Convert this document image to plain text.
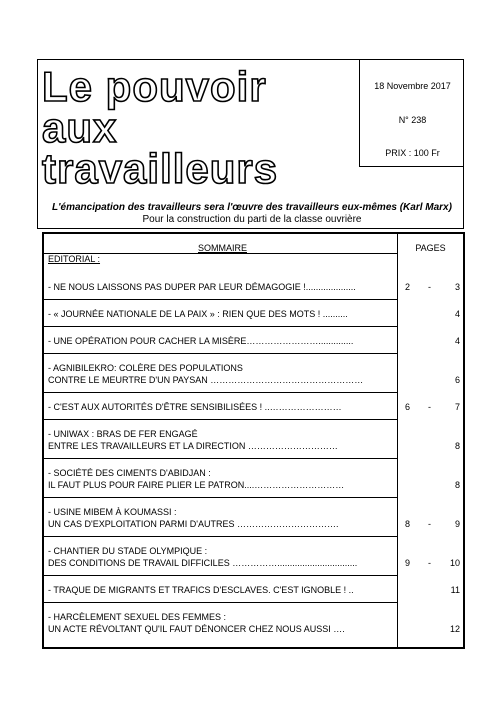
Le pouvoir
aux
travailleurs
18 Novembre 2017
N° 238
PRIX : 100 Fr
L'émancipation des travailleurs sera l'œuvre des travailleurs eux-mêmes (Karl Marx)
Pour la construction du parti de la classe ouvrière
SOMMAIRE	PAGES
EDITORIAL :
- NE NOUS LAISSONS PAS DUPER PAR LEUR DÉMAGOGIE !....................	2 -	3
- « JOURNÉE NATIONALE DE LA PAIX » : RIEN QUE DES MOTS ! ..........	4
- UNE OPÉRATION POUR CACHER LA MISÈRE……………………..............	4
- AGNIBILEKRO: COLÈRE DES POPULATIONS
CONTRE LE MEURTRE D'UN PAYSAN ……………………………………………	6
- C'EST AUX AUTORITÉS D'ÊTRE SENSIBILISÉES ! ..……………………	6 -	7
- UNIWAX : BRAS DE FER ENGAGÉ
ENTRE LES TRAVAILLEURS ET LA DIRECTION …………………………	8
- SOCIÉTÉ DES CIMENTS D'ABIDJAN :
IL FAUT PLUS POUR FAIRE PLIER LE PATRON....…………………………	8
- USINE MIBEM À KOUMASSI :
UN CAS D'EXPLOITATION PARMI D'AUTRES …………………………….	8 -	9
- CHANTIER DU STADE OLYMPIQUE :
DES CONDITIONS DE TRAVAIL DIFFICILES ……………................................	9 - 10
- TRAQUE DE MIGRANTS ET TRAFICS D'ESCLAVES. C'EST IGNOBLE ! ..	11
- HARCÈLEMENT SEXUEL DES FEMMES :
UN ACTE RÉVOLTANT QU'IL FAUT DÉNONCER CHEZ NOUS AUSSI ….	12
